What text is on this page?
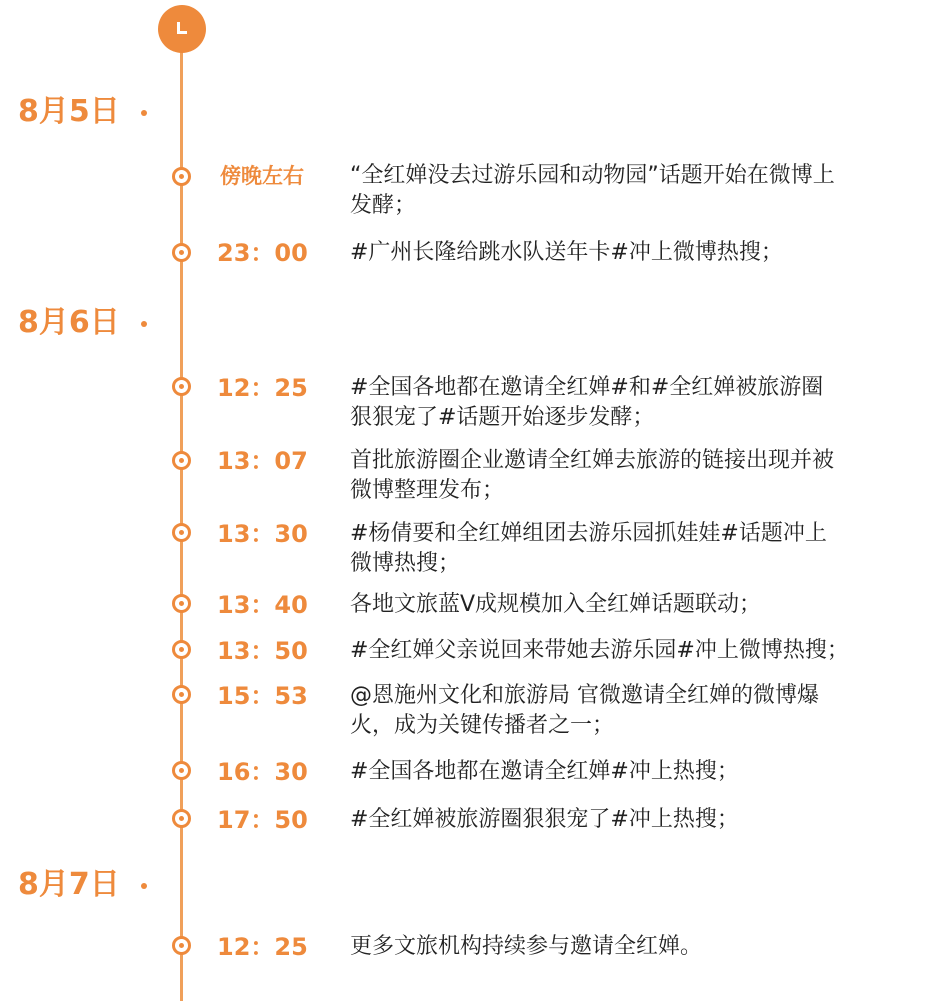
8月5日
8月6日
8月7日
傍晚左右 “全红婵没去过游乐园和动物园”话题开始在微博上发酵；
23：00 #广州长隆给跳水队送年卡#冲上微博热搜；
12：25 #全国各地都在邀请全红婵#和#全红婵被旅游圈狠狠宠了#话题开始逐步发酵；
13：07 首批旅游圈企业邀请全红婵去旅游的链接出现并被微博整理发布；
13：30 #杨倩要和全红婵组团去游乐园抓娃娃#话题冲上微博热搜；
13：40 各地文旅蓝V成规模加入全红婵话题联动；
13：50 #全红婵父亲说回来带她去游乐园#冲上微博热搜；
15：53 @恩施州文化和旅游局 官微邀请全红婵的微博爆火，成为关键传播者之一；
16：30 #全国各地都在邀请全红婵#冲上热搜；
17：50 #全红婵被旅游圈狠狠宠了#冲上热搜；
12：25 更多文旅机构持续参与邀请全红婵。
